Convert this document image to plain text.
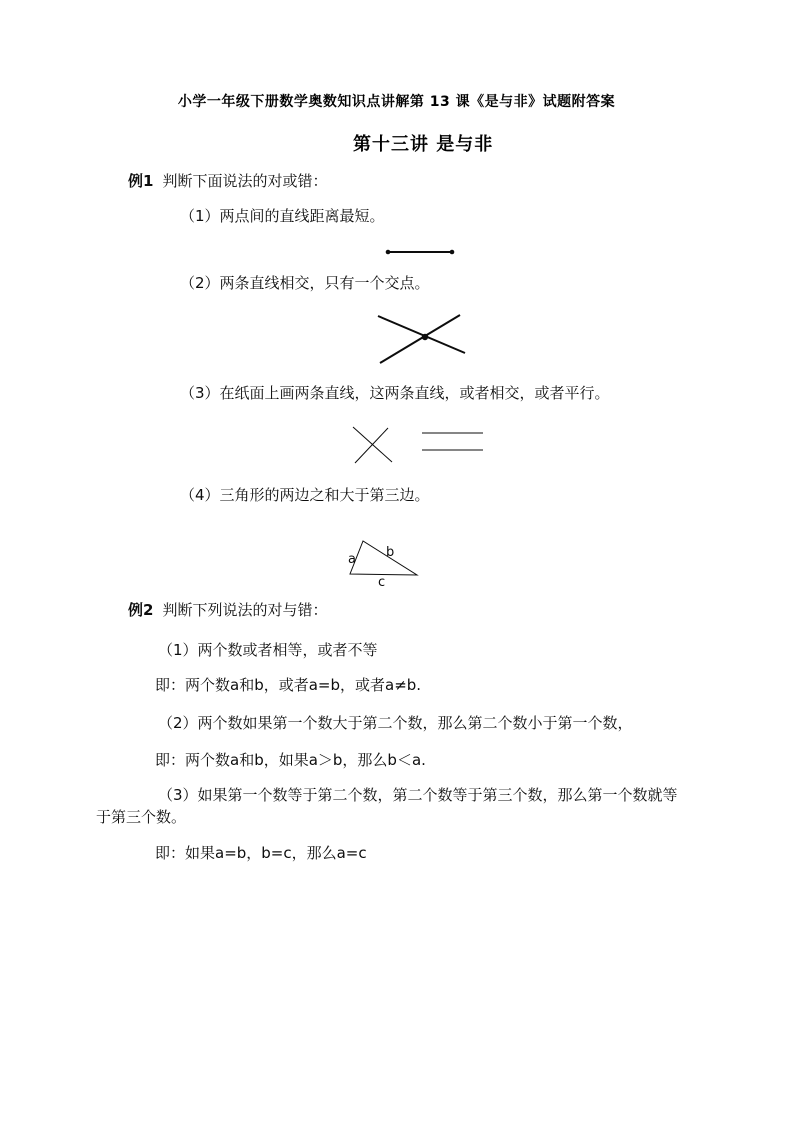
小学一年级下册数学奥数知识点讲解第 13 课《是与非》试题附答案
第十三讲 是与非
例1 判断下面说法的对或错：
（1）两点间的直线距离最短。
（2）两条直线相交，只有一个交点。
（3）在纸面上画两条直线，这两条直线，或者相交，或者平行。
（4）三角形的两边之和大于第三边。
a b
c
例2 判断下列说法的对与错：
（1）两个数或者相等，或者不等
即：两个数a和b，或者a=b，或者a≠b.
（2）两个数如果第一个数大于第二个数，那么第二个数小于第一个数，
即：两个数a和b，如果a＞b，那么b＜a.
（3）如果第一个数等于第二个数，第二个数等于第三个数，那么第一个数就等于第三个数。
即：如果a=b，b=c，那么a=c
